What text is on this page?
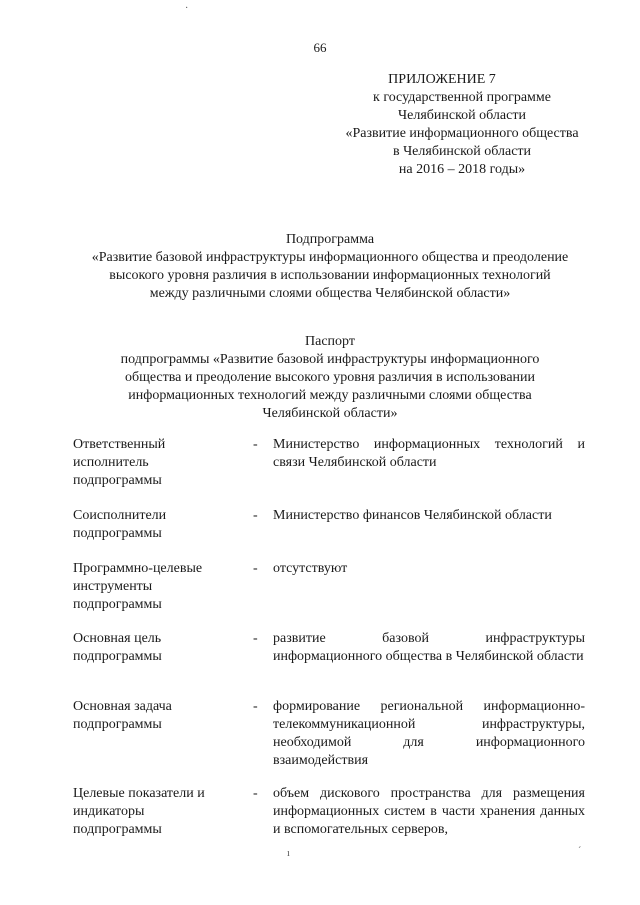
66
ПРИЛОЖЕНИЕ 7
к государственной программе
Челябинской области
«Развитие информационного общества
в Челябинской области
на 2016 – 2018 годы»
Подпрограмма
«Развитие базовой инфраструктуры информационного общества и преодоление
высокого уровня различия в использовании информационных технологий
между различными слоями общества Челябинской области»
Паспорт
подпрограммы «Развитие базовой инфраструктуры информационного
общества и преодоление высокого уровня различия в использовании
информационных технологий между различными слоями общества
Челябинской области»
Ответственный
исполнитель
подпрограммы
-	Министерство информационных технологий и связи Челябинской области
Соисполнители
подпрограммы
-	Министерство финансов Челябинской области
Программно-целевые
инструменты
подпрограммы
-	отсутствуют
Основная цель
подпрограммы
-	развитие базовой инфраструктуры информационного общества в Челябинской области
Основная задача
подпрограммы
-	формирование региональной информационно-телекоммуникационной инфраструктуры, необходимой для информационного взаимодействия
Целевые показатели и
индикаторы
подпрограммы
-	объем дискового пространства для размещения информационных систем в части хранения данных и вспомогательных серверов,
·
ı	ˊ
